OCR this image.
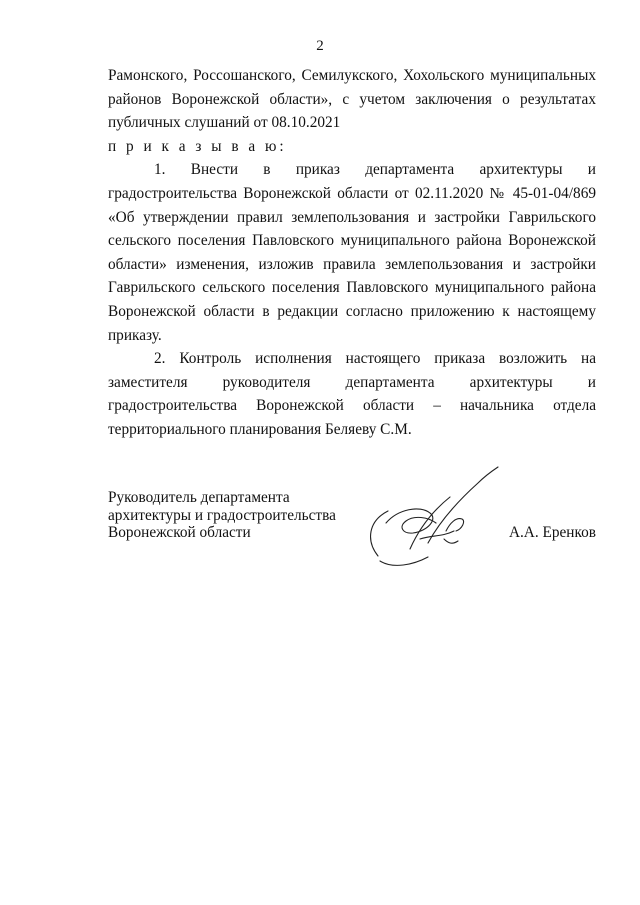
2

Рамонского, Россошанского, Семилукского, Хохольского муниципальных районов Воронежской области», с учетом заключения о результатах публичных слушаний от 08.10.2021

п р и к а з ы в а ю:

1. Внести в приказ департамента архитектуры и градостроительства Воронежской области от 02.11.2020 № 45-01-04/869 «Об утверждении правил землепользования и застройки Гаврильского сельского поселения Павловского муниципального района Воронежской области» изменения, изложив правила землепользования и застройки Гаврильского сельского поселения Павловского муниципального района Воронежской области в редакции согласно приложению к настоящему приказу.

2. Контроль исполнения настоящего приказа возложить на заместителя руководителя департамента архитектуры и градостроительства Воронежской области – начальника отдела территориального планирования Беляеву С.М.

Руководитель департамента
архитектуры и градостроительства
Воронежской области	А.А. Еренков
